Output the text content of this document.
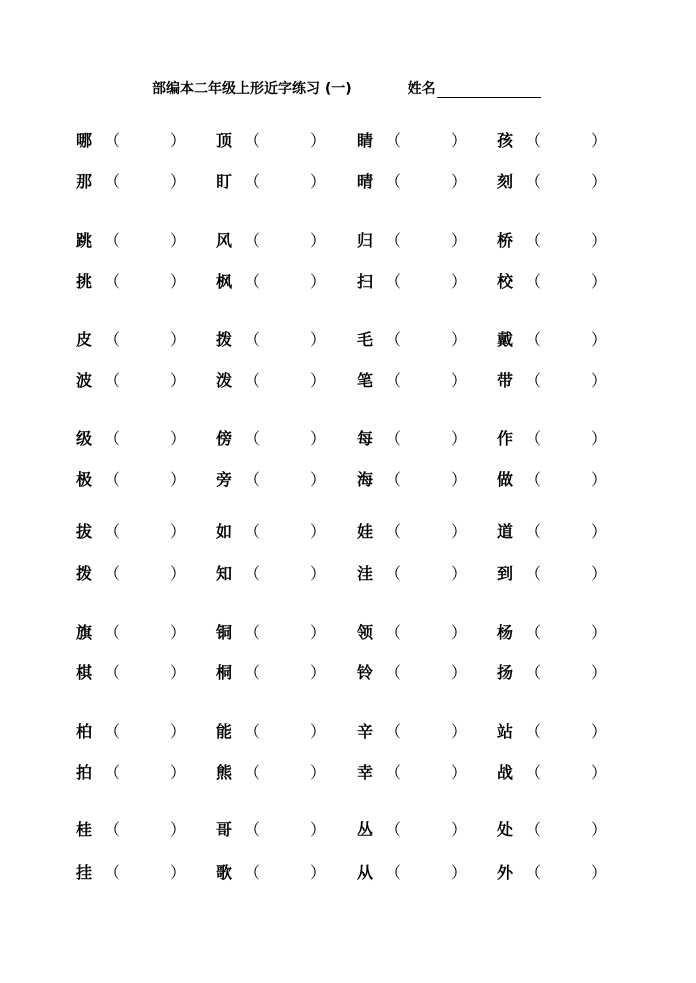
部编本二年级上形近字练习 (一)	姓名
哪 （	） 顶 （	） 睛 （	） 孩 （	）
那 （	） 盯 （	） 晴 （	） 刻 （	）
跳 （	） 风 （	） 归 （	） 桥 （	）
挑 （	） 枫 （	） 扫 （	） 校 （	）
皮 （	） 拨 （	） 毛 （	） 戴 （	）
波 （	） 泼 （	） 笔 （	） 带 （	）
级 （	） 傍 （	） 每 （	） 作 （	）
极 （	） 旁 （	） 海 （	） 做 （	）
拔 （	） 如 （	） 娃 （	） 道 （	）
拨 （	） 知 （	） 洼 （	） 到 （	）
旗 （	） 铜 （	） 领 （	） 杨 （	）
棋 （	） 桐 （	） 铃 （	） 扬 （	）
柏 （	） 能 （	） 辛 （	） 站 （	）
拍 （	） 熊 （	） 幸 （	） 战 （	）
桂 （	） 哥 （	） 丛 （	） 处 （	）
挂 （	） 歌 （	） 从 （	） 外 （	）
